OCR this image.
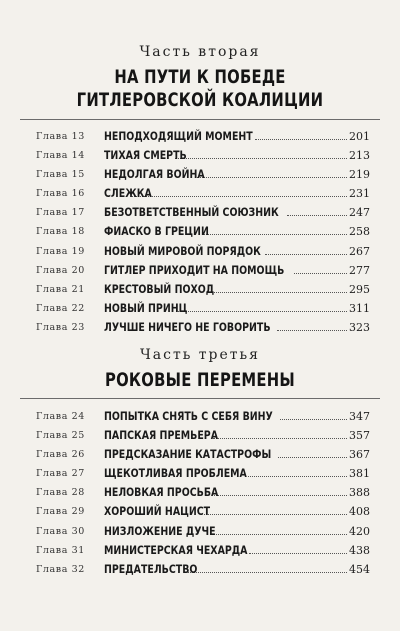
Часть вторая
НА ПУТИ К ПОБЕДЕ
ГИТЛЕРОВСКОЙ КОАЛИЦИИ
Глава 13	НЕПОДХОДЯЩИЙ МОМЕНТ	201
Глава 14	ТИХАЯ СМЕРТЬ	213
Глава 15	НЕДОЛГАЯ ВОЙНА	219
Глава 16	СЛЕЖКА	231
Глава 17	БЕЗОТВЕТСТВЕННЫЙ СОЮЗНИК	247
Глава 18	ФИАСКО В ГРЕЦИИ	258
Глава 19	НОВЫЙ МИРОВОЙ ПОРЯДОК	267
Глава 20	ГИТЛЕР ПРИХОДИТ НА ПОМОЩЬ	277
Глава 21	КРЕСТОВЫЙ ПОХОД	295
Глава 22	НОВЫЙ ПРИНЦ	311
Глава 23	ЛУЧШЕ НИЧЕГО НЕ ГОВОРИТЬ	323
Часть третья
РОКОВЫЕ ПЕРЕМЕНЫ
Глава 24	ПОПЫТКА СНЯТЬ С СЕБЯ ВИНУ	347
Глава 25	ПАПСКАЯ ПРЕМЬЕРА	357
Глава 26	ПРЕДСКАЗАНИЕ КАТАСТРОФЫ	367
Глава 27	ЩЕКОТЛИВАЯ ПРОБЛЕМА	381
Глава 28	НЕЛОВКАЯ ПРОСЬБА	388
Глава 29	ХОРОШИЙ НАЦИСТ	408
Глава 30	НИЗЛОЖЕНИЕ ДУЧЕ	420
Глава 31	МИНИСТЕРСКАЯ ЧЕХАРДА	438
Глава 32	ПРЕДАТЕЛЬСТВО	454
